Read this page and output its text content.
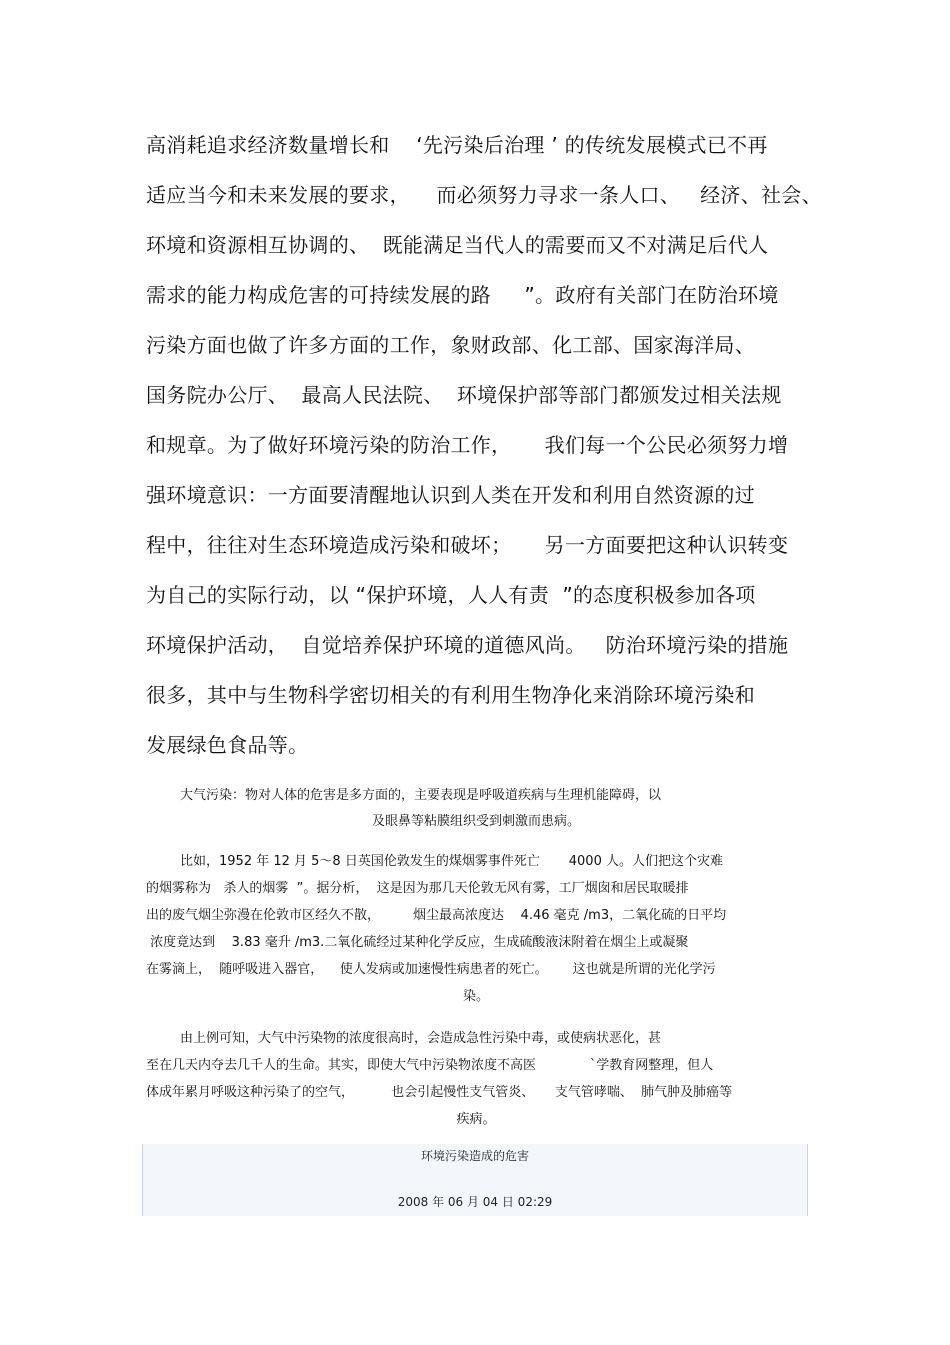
高消耗追求经济数量增长和    ‘先污染后治理 ’ 的传统发展模式已不再
适应当今和未来发展的要求，    而必须努力寻求一条人口、   经济、社会、
环境和资源相互协调的、  既能满足当代人的需要而又不对满足后代人
需求的能力构成危害的可持续发展的路     ”。政府有关部门在防治环境
污染方面也做了许多方面的工作，象财政部、化工部、国家海洋局、
国务院办公厅、  最高人民法院、  环境保护部等部门都颁发过相关法规
和规章。为了做好环境污染的防治工作，     我们每一个公民必须努力增
强环境意识：一方面要清醒地认识到人类在开发和利用自然资源的过
程中，往往对生态环境造成污染和破坏；     另一方面要把这种认识转变
为自己的实际行动，以 “保护环境，人人有责  ”的态度积极参加各项
环境保护活动，  自觉培养保护环境的道德风尚。   防治环境污染的措施
很多，其中与生物科学密切相关的有利用生物净化来消除环境污染和
发展绿色食品等。
大气污染：物对人体的危害是多方面的，主要表现是呼吸道疾病与生理机能障碍，以
及眼鼻等粘膜组织受到刺激而患病。
比如，1952 年 12 月 5～8 日英国伦敦发生的煤烟雾事件死亡       4000 人。人们把这个灾难
的烟雾称为   杀人的烟雾  ”。据分析，  这是因为那几天伦敦无风有雾，工厂烟囱和居民取暖排
出的废气烟尘弥漫在伦敦市区经久不散，        烟尘最高浓度达    4.46 毫克 /m3，二氧化硫的日平均
浓度竟达到    3.83 毫升 /m3.二氧化硫经过某种化学反应，生成硫酸液沫附着在烟尘上或凝聚
在雾滴上，  随呼吸进入器官，    使人发病或加速慢性病患者的死亡。      这也就是所谓的光化学污
染。
由上例可知，大气中污染物的浓度很高时，会造成急性污染中毒，或使病状恶化，甚
至在几天内夺去几千人的生命。其实，即使大气中污染物浓度不高医             `学教育网整理，但人
体成年累月呼吸这种污染了的空气，         也会引起慢性支气管炎、     支气管哮喘、  肺气肿及肺癌等
疾病。
环境污染造成的危害
2008 年 06 月 04 日 02:29
